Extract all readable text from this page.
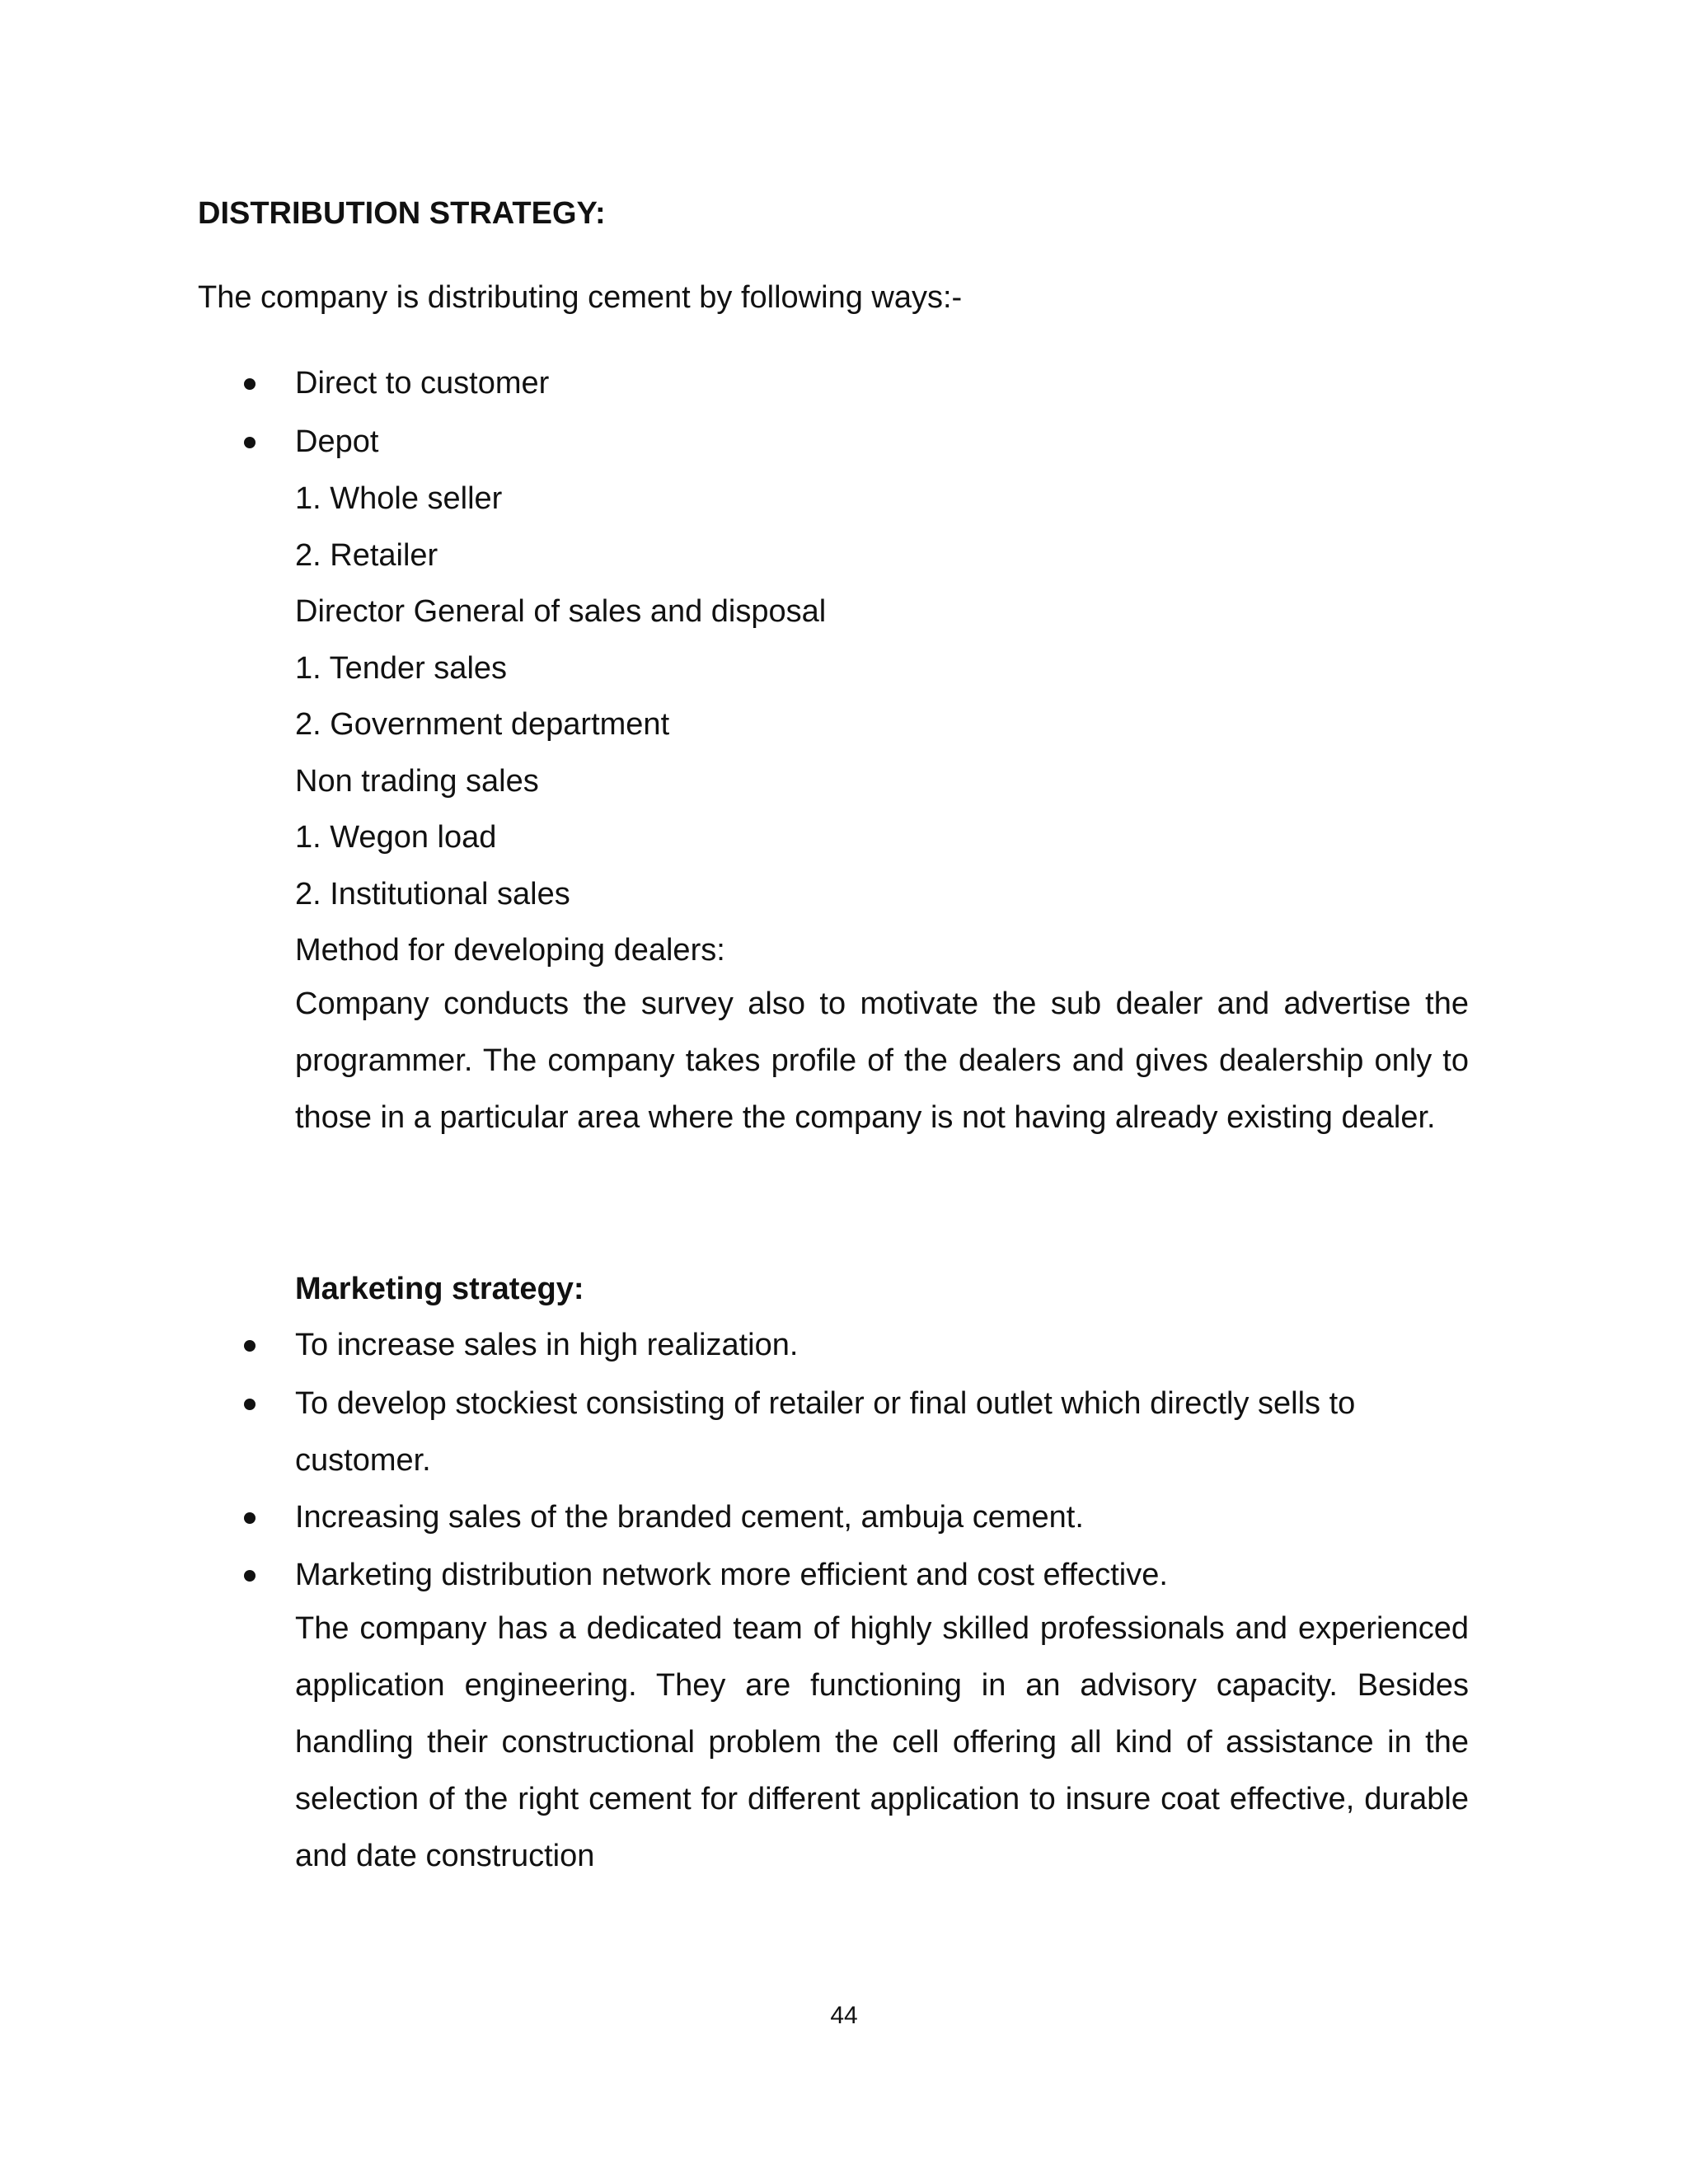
DISTRIBUTION STRATEGY:

The company is distributing cement by following ways:-

Direct to customer

Depot

1. Whole seller

2. Retailer

Director General of sales and disposal

1. Tender sales

2. Government department

Non trading sales

1. Wegon load

2. Institutional sales

Method for developing dealers:

Company conducts the survey also to motivate the sub dealer and advertise the programmer. The company takes profile of the dealers and gives dealership only to those in a particular area where the company is not having already existing dealer.

Marketing strategy:

To increase sales in high realization.

To develop stockiest consisting of retailer or final outlet which directly sells to

customer.

Increasing sales of the branded cement, ambuja cement.

Marketing distribution network more efficient and cost effective.

The company has a dedicated team of highly skilled professionals and experienced application engineering. They are functioning in an advisory capacity. Besides handling their constructional problem the cell offering all kind of assistance in the selection of the right cement for different application to insure coat effective, durable and date construction

44
